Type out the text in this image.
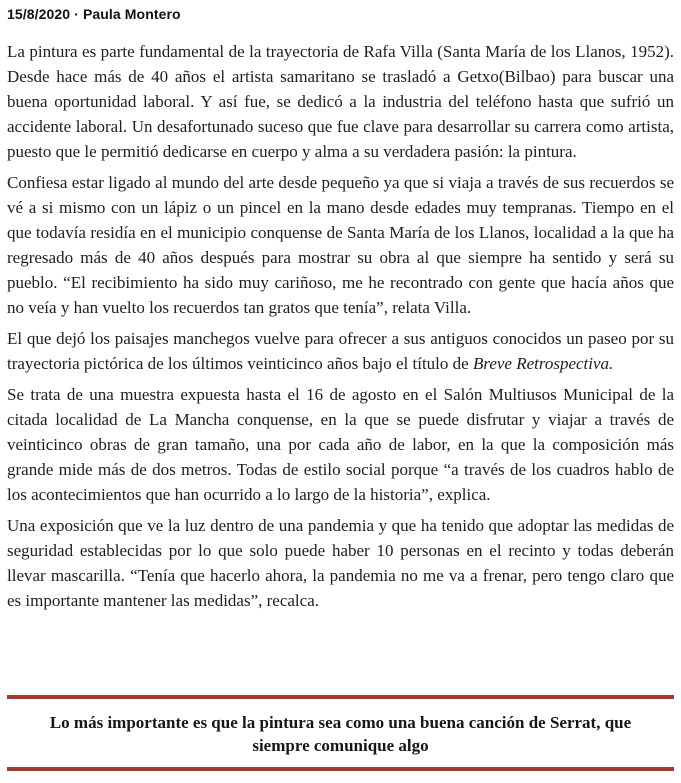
15/8/2020 · Paula Montero

La pintura es parte fundamental de la trayectoria de Rafa Villa (Santa María de los Llanos, 1952). Desde hace más de 40 años el artista samaritano se trasladó a Getxo(Bilbao) para buscar una buena oportunidad laboral. Y así fue, se dedicó a la industria del teléfono hasta que sufrió un accidente laboral. Un desafortunado suceso que fue clave para desarrollar su carrera como artista, puesto que le permitió dedicarse en cuerpo y alma a su verdadera pasión: la pintura.

Confiesa estar ligado al mundo del arte desde pequeño ya que si viaja a través de sus recuerdos se vé a si mismo con un lápiz o un pincel en la mano desde edades muy tempranas. Tiempo en el que todavía residía en el municipio conquense de Santa María de los Llanos, localidad a la que ha regresado más de 40 años después para mostrar su obra al que siempre ha sentido y será su pueblo. “El recibimiento ha sido muy cariñoso, me he recontrado con gente que hacía años que no veía y han vuelto los recuerdos tan gratos que tenía”, relata Villa.

El que dejó los paisajes manchegos vuelve para ofrecer a sus antiguos conocidos un paseo por su trayectoria pictórica de los últimos veinticinco años bajo el título de Breve Retrospectiva.

Se trata de una muestra expuesta hasta el 16 de agosto en el Salón Multiusos Municipal de la citada localidad de La Mancha conquense, en la que se puede disfrutar y viajar a través de veinticinco obras de gran tamaño, una por cada año de labor, en la que la composición más grande mide más de dos metros. Todas de estilo social porque “a través de los cuadros hablo de los acontecimientos que han ocurrido a lo largo de la historia”, explica.

Una exposición que ve la luz dentro de una pandemia y que ha tenido que adoptar las medidas de seguridad establecidas por lo que solo puede haber 10 personas en el recinto y todas deberán llevar mascarilla. “Tenía que hacerlo ahora, la pandemia no me va a frenar, pero tengo claro que es importante mantener las medidas”, recalca.

Lo más importante es que la pintura sea como una buena canción de Serrat, que siempre comunique algo
